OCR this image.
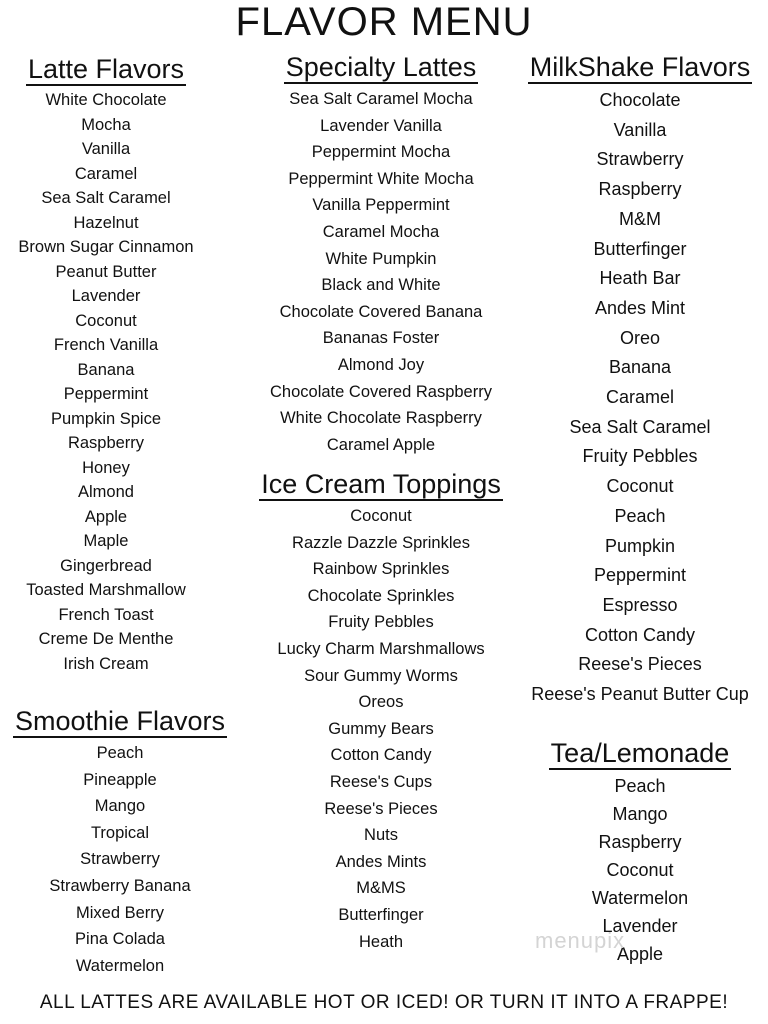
FLAVOR MENU
Latte Flavors
White Chocolate
Mocha
Vanilla
Caramel
Sea Salt Caramel
Hazelnut
Brown Sugar Cinnamon
Peanut Butter
Lavender
Coconut
French Vanilla
Banana
Peppermint
Pumpkin Spice
Raspberry
Honey
Almond
Apple
Maple
Gingerbread
Toasted Marshmallow
French Toast
Creme De Menthe
Irish Cream
Smoothie Flavors
Peach
Pineapple
Mango
Tropical
Strawberry
Strawberry Banana
Mixed Berry
Pina Colada
Watermelon
Specialty Lattes
Sea Salt Caramel Mocha
Lavender Vanilla
Peppermint Mocha
Peppermint White Mocha
Vanilla Peppermint
Caramel Mocha
White Pumpkin
Black and White
Chocolate Covered Banana
Bananas Foster
Almond Joy
Chocolate Covered Raspberry
White Chocolate Raspberry
Caramel Apple
Ice Cream Toppings
Coconut
Razzle Dazzle Sprinkles
Rainbow Sprinkles
Chocolate Sprinkles
Fruity Pebbles
Lucky Charm Marshmallows
Sour Gummy Worms
Oreos
Gummy Bears
Cotton Candy
Reese's Cups
Reese's Pieces
Nuts
Andes Mints
M&MS
Butterfinger
Heath
MilkShake Flavors
Chocolate
Vanilla
Strawberry
Raspberry
M&M
Butterfinger
Heath Bar
Andes Mint
Oreo
Banana
Caramel
Sea Salt Caramel
Fruity Pebbles
Coconut
Peach
Pumpkin
Peppermint
Espresso
Cotton Candy
Reese's Pieces
Reese's Peanut Butter Cup
Tea/Lemonade
Peach
Mango
Raspberry
Coconut
Watermelon
Lavender
Apple
menupix
ALL LATTES ARE AVAILABLE HOT OR ICED! OR TURN IT INTO A FRAPPE!
